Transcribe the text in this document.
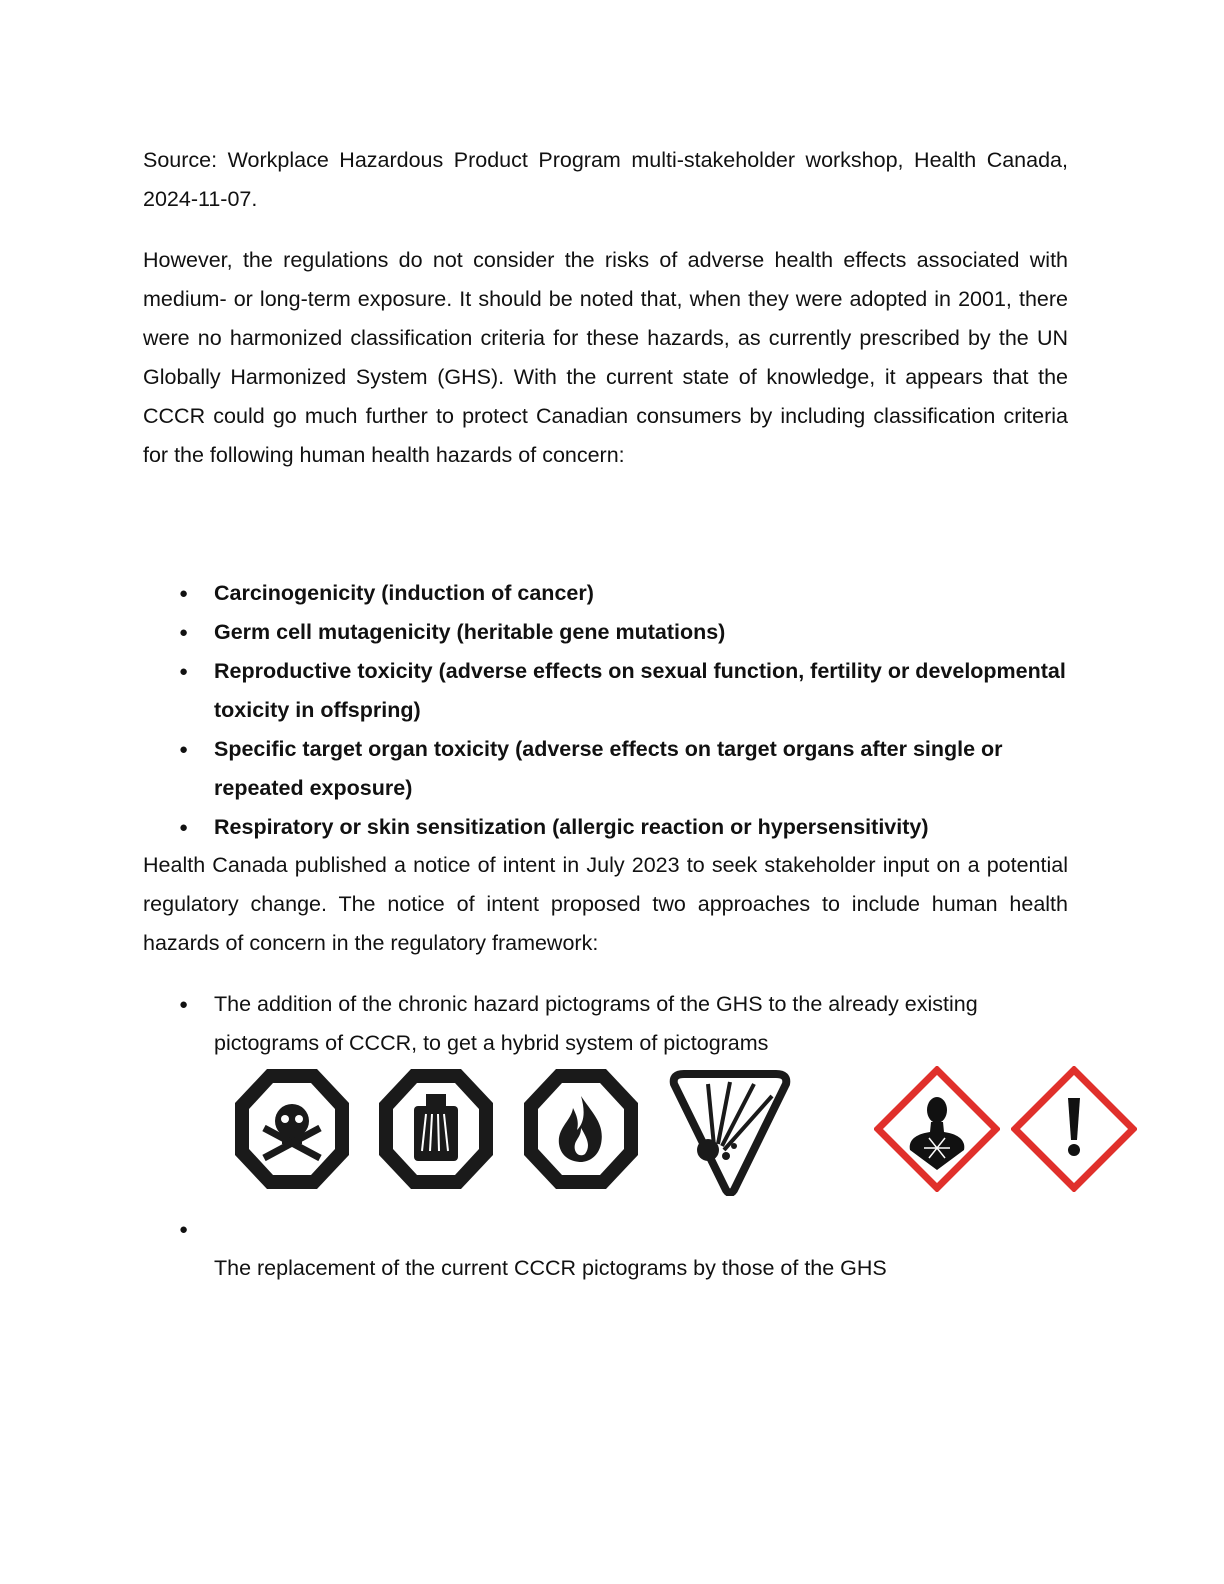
Source: Workplace Hazardous Product Program multi-stakeholder workshop, Health Canada, 2024-11-07.
However, the regulations do not consider the risks of adverse health effects associated with medium- or long-term exposure. It should be noted that, when they were adopted in 2001, there were no harmonized classification criteria for these hazards, as currently prescribed by the UN Globally Harmonized System (GHS). With the current state of knowledge, it appears that the CCCR could go much further to protect Canadian consumers by including classification criteria for the following human health hazards of concern:
● Carcinogenicity (induction of cancer)
● Germ cell mutagenicity (heritable gene mutations)
● Reproductive toxicity (adverse effects on sexual function, fertility or developmental toxicity in offspring)
● Specific target organ toxicity (adverse effects on target organs after single or repeated exposure)
● Respiratory or skin sensitization (allergic reaction or hypersensitivity)
Health Canada published a notice of intent in July 2023 to seek stakeholder input on a potential regulatory change. The notice of intent proposed two approaches to include human health hazards of concern in the regulatory framework:
● The addition of the chronic hazard pictograms of the GHS to the already existing pictograms of CCCR, to get a hybrid system of pictograms
● The replacement of the current CCCR pictograms by those of the GHS
